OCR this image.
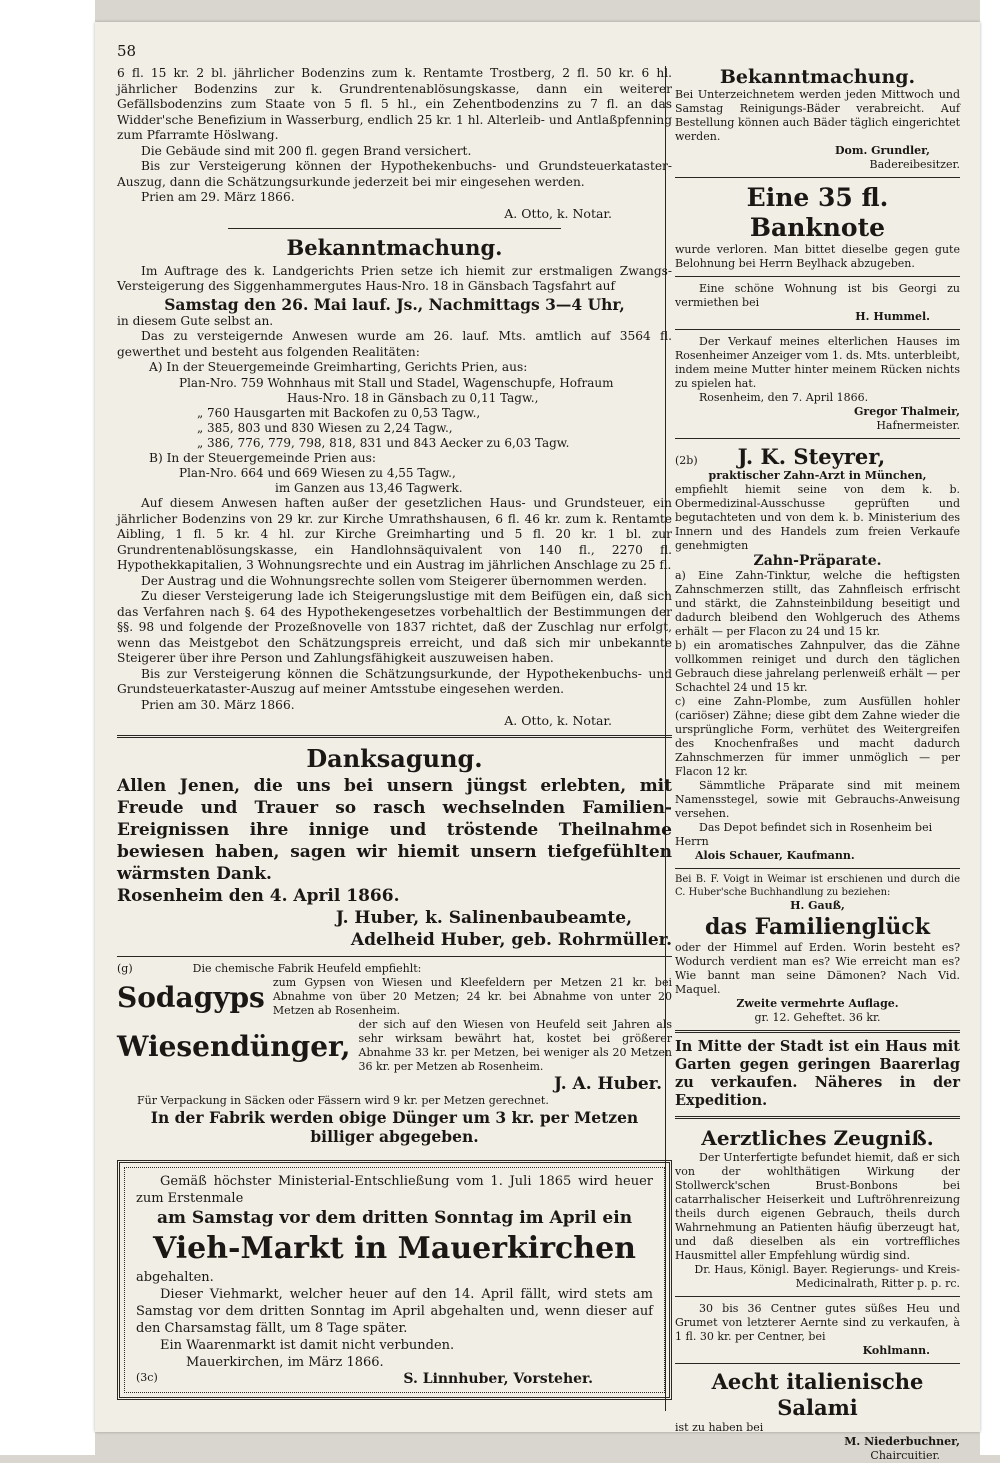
58

6 fl. 15 kr. 2 bl. jährlicher Bodenzins zum k. Rentamte Trostberg, 2 fl. 50 kr. 6 hl. jährlicher Bodenzins zur k. Grundrentenablösungskasse, dann ein weiterer Gefällsbodenzins zum Staate von 5 fl. 5 hl., ein Zehentbodenzins zu 7 fl. an das Widder'sche Benefizium in Wasserburg, endlich 25 kr. 1 hl. Alterleib- und Antlaßpfenning zum Pfarramte Höslwang.

Die Gebäude sind mit 200 fl. gegen Brand versichert.

Bis zur Versteigerung können der Hypothekenbuchs- und Grundsteuerkataster-Auszug, dann die Schätzungsurkunde jederzeit bei mir eingesehen werden.

Prien am 29. März 1866.

A. Otto, k. Notar.

Bekanntmachung.

Im Auftrage des k. Landgerichts Prien setze ich hiemit zur erstmaligen Zwangs-Versteigerung des Siggenhammergutes Haus-Nro. 18 in Gänsbach Tagsfahrt auf

Samstag den 26. Mai lauf. Js., Nachmittags 3—4 Uhr,

in diesem Gute selbst an.

Das zu versteigernde Anwesen wurde am 26. lauf. Mts. amtlich auf 3564 fl. gewerthet und besteht aus folgenden Realitäten:

A) In der Steuergemeinde Greimharting, Gerichts Prien, aus:

Plan-Nro. 759 Wohnhaus mit Stall und Stadel, Wagenschupfe, Hofraum

Haus-Nro. 18 in Gänsbach zu 0,11 Tagw.,

„ 760 Hausgarten mit Backofen zu 0,53 Tagw.,

„ 385, 803 und 830 Wiesen zu 2,24 Tagw.,

„ 386, 776, 779, 798, 818, 831 und 843 Aecker zu 6,03 Tagw.

B) In der Steuergemeinde Prien aus:

Plan-Nro. 664 und 669 Wiesen zu 4,55 Tagw.,

im Ganzen aus 13,46 Tagwerk.

Auf diesem Anwesen haften außer der gesetzlichen Haus- und Grundsteuer, ein jährlicher Bodenzins von 29 kr. zur Kirche Umrathshausen, 6 fl. 46 kr. zum k. Rentamte Aibling, 1 fl. 5 kr. 4 hl. zur Kirche Greimharting und 5 fl. 20 kr. 1 bl. zur Grundrentenablösungskasse, ein Handlohnsäquivalent von 140 fl., 2270 fl. Hypothekkapitalien, 3 Wohnungsrechte und ein Austrag im jährlichen Anschlage zu 25 fl.

Der Austrag und die Wohnungsrechte sollen vom Steigerer übernommen werden.

Zu dieser Versteigerung lade ich Steigerungslustige mit dem Beifügen ein, daß sich das Verfahren nach §. 64 des Hypothekengesetzes vorbehaltlich der Bestimmungen der §§. 98 und folgende der Prozeßnovelle von 1837 richtet, daß der Zuschlag nur erfolgt, wenn das Meistgebot den Schätzungspreis erreicht, und daß sich mir unbekannte Steigerer über ihre Person und Zahlungsfähigkeit auszuweisen haben.

Bis zur Versteigerung können die Schätzungsurkunde, der Hypothekenbuchs- und Grundsteuerkataster-Auszug auf meiner Amtsstube eingesehen werden.

Prien am 30. März 1866.

A. Otto, k. Notar.

Danksagung.

Allen Jenen, die uns bei unsern jüngst erlebten, mit Freude und Trauer so rasch wechselnden Familien-Ereignissen ihre innige und tröstende Theilnahme bewiesen haben, sagen wir hiemit unsern tiefgefühlten wärmsten Dank.

Rosenheim den 4. April 1866.

J. Huber, k. Salinenbaubeamte,

Adelheid Huber, geb. Rohrmüller.

(g)	Die chemische Fabrik Heufeld empfiehlt:
Sodagyps zum Gypsen von Wiesen und Kleefeldern per Metzen 21 kr. bei Abnahme von über 20 Metzen; 24 kr. bei Abnahme von unter 20 Metzen ab Rosenheim.
Wiesendünger,
der sich auf den Wiesen von Heufeld seit Jahren als sehr wirksam bewährt hat, kostet bei größerer Abnahme 33 kr. per Metzen, bei weniger als 20 Metzen 36 kr. per Metzen ab Rosenheim.

J. A. Huber.

Für Verpackung in Säcken oder Fässern wird 9 kr. per Metzen gerechnet.

In der Fabrik werden obige Dünger um 3 kr. per Metzen billiger abgegeben.

Gemäß höchster Ministerial-Entschließung vom 1. Juli 1865 wird heuer zum Erstenmale

am Samstag vor dem dritten Sonntag im April ein

Vieh-Markt in Mauerkirchen

abgehalten.

Dieser Viehmarkt, welcher heuer auf den 14. April fällt, wird stets am Samstag vor dem dritten Sonntag im April abgehalten und, wenn dieser auf den Charsamstag fällt, um 8 Tage später.

Ein Waarenmarkt ist damit nicht verbunden.

Mauerkirchen, im März 1866.

(3c)	S. Linnhuber, Vorsteher.

Bekanntmachung.

Bei Unterzeichnetem werden jeden Mittwoch und Samstag Reinigungs-Bäder verabreicht. Auf Bestellung können auch Bäder täglich eingerichtet werden.

Dom. Grundler,

Badereibesitzer.

Eine 35 fl. Banknote

wurde verloren. Man bittet dieselbe gegen gute Belohnung bei Herrn Beylhack abzugeben.

Eine schöne Wohnung ist bis Georgi zu vermiethen bei

H. Hummel.

Der Verkauf meines elterlichen Hauses im Rosenheimer Anzeiger vom 1. ds. Mts. unterbleibt, indem meine Mutter hinter meinem Rücken nichts zu spielen hat.

Rosenheim, den 7. April 1866.

Gregor Thalmeir,

Hafnermeister.

(2b) J. K. Steyrer,

praktischer Zahn-Arzt in München,

empfiehlt hiemit seine von dem k. b. Obermedizinal-Ausschusse geprüften und begutachteten und von dem k. b. Ministerium des Innern und des Handels zum freien Verkaufe genehmigten

Zahn-Präparate.

a) Eine Zahn-Tinktur, welche die heftigsten Zahnschmerzen stillt, das Zahnfleisch erfrischt und stärkt, die Zahnsteinbildung beseitigt und dadurch bleibend den Wohlgeruch des Athems erhält — per Flacon zu 24 und 15 kr.

b) ein aromatisches Zahnpulver, das die Zähne vollkommen reiniget und durch den täglichen Gebrauch diese jahrelang perlenweiß erhält — per Schachtel 24 und 15 kr.

c) eine Zahn-Plombe, zum Ausfüllen hohler (cariöser) Zähne; diese gibt dem Zahne wieder die ursprüngliche Form, verhütet des Weitergreifen des Knochenfraßes und macht dadurch Zahnschmerzen für immer unmöglich — per Flacon 12 kr.

Sämmtliche Präparate sind mit meinem Namensstegel, sowie mit Gebrauchs-Anweisung versehen.

Das Depot befindet sich in Rosenheim bei Herrn

Alois Schauer, Kaufmann.

Bei B. F. Voigt in Weimar ist erschienen und durch die C. Huber'sche Buchhandlung zu beziehen:

H. Gauß,

das Familienglück

oder der Himmel auf Erden. Worin besteht es? Wodurch verdient man es? Wie erreicht man es? Wie bannt man seine Dämonen? Nach Vid. Maquel.

Zweite vermehrte Auflage.

gr. 12. Geheftet. 36 kr.

In Mitte der Stadt ist ein Haus mit Garten gegen geringen Baarerlag zu verkaufen. Näheres in der Expedition.

Aerztliches Zeugniß.

Der Unterfertigte befundet hiemit, daß er sich von der wohlthätigen Wirkung der Stollwerck'schen Brust-Bonbons bei catarrhalischer Heiserkeit und Luftröhrenreizung theils durch eigenen Gebrauch, theils durch Wahrnehmung an Patienten häufig überzeugt hat, und daß dieselben als ein vortreffliches Hausmittel aller Empfehlung würdig sind.

Dr. Haus, Königl. Bayer. Regierungs- und Kreis-Medicinalrath, Ritter p. p. rc.

30 bis 36 Centner gutes süßes Heu und Grumet von letzterer Aernte sind zu verkaufen, à 1 fl. 30 kr. per Centner, bei

Kohlmann.

Aecht italienische Salami

ist zu haben bei

M. Niederbuchner,

Chaircuitier.
